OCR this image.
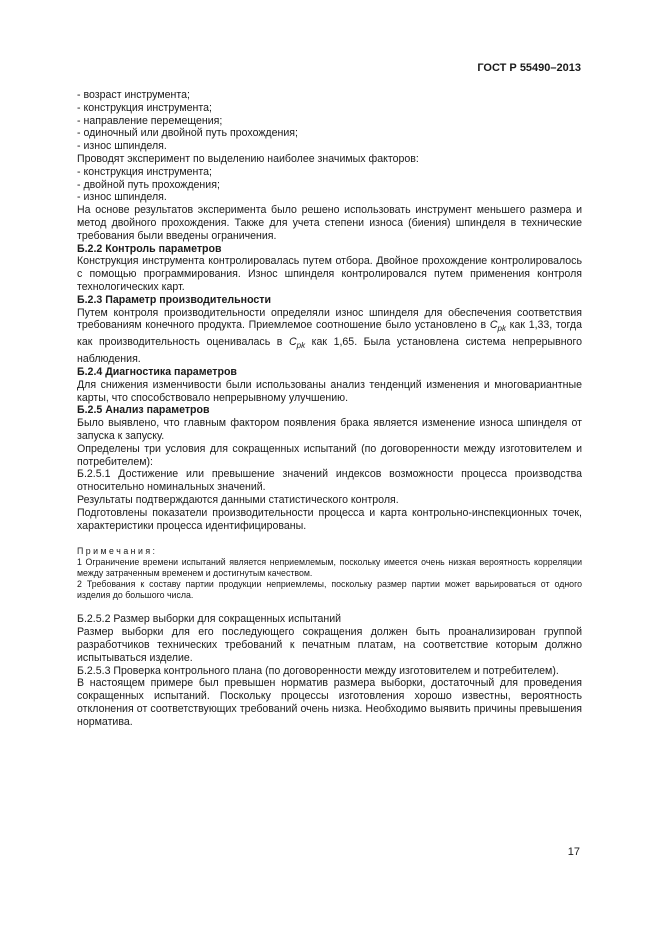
ГОСТ Р 55490–2013

- возраст инструмента;

- конструкция инструмента;

- направление перемещения;

- одиночный или двойной путь прохождения;

- износ шпинделя.

Проводят эксперимент по выделению наиболее значимых факторов:

- конструкция инструмента;

- двойной путь прохождения;

- износ шпинделя.

На основе результатов эксперимента было решено использовать инструмент меньшего размера и метод двойного прохождения. Также для учета степени износа (биения) шпинделя в технические требования были введены ограничения.

Б.2.2 Контроль параметров

Конструкция инструмента контролировалась путем отбора. Двойное прохождение контролировалось с помощью программирования. Износ шпинделя контролировался путем применения контроля технологических карт.

Б.2.3 Параметр производительности

Путем контроля производительности определяли износ шпинделя для обеспечения соответствия требованиям конечного продукта. Приемлемое соотношение было установлено в $C_{pk}$ как 1,33, тогда как производительность оценивалась в $C_{pk}$ как 1,65. Была установлена система непрерывного наблюдения.

Б.2.4 Диагностика параметров

Для снижения изменчивости были использованы анализ тенденций изменения и многовариантные карты, что способствовало непрерывному улучшению.

Б.2.5 Анализ параметров

Было выявлено, что главным фактором появления брака является изменение износа шпинделя от запуска к запуску.

Определены три условия для сокращенных испытаний (по договоренности между изготовителем и потребителем):

Б.2.5.1 Достижение или превышение значений индексов возможности процесса производства относительно номинальных значений.

Результаты подтверждаются данными статистического контроля.

Подготовлены показатели производительности процесса и карта контрольно-инспекционных точек, характеристики процесса идентифицированы.

П р и м е ч а н и я :

1 Ограничение времени испытаний является неприемлемым, поскольку имеется очень низкая вероятность корреляции между затраченным временем и достигнутым качеством.

2 Требования к составу партии продукции неприемлемы, поскольку размер партии может варьироваться от одного изделия до большого числа.

Б.2.5.2 Размер выборки для сокращенных испытаний

Размер выборки для его последующего сокращения должен быть проанализирован группой разработчиков технических требований к печатным платам, на соответствие которым должно испытываться изделие.

Б.2.5.3 Проверка контрольного плана (по договоренности между изготовителем и потребителем).

В настоящем примере был превышен норматив размера выборки, достаточный для проведения сокращенных испытаний. Поскольку процессы изготовления хорошо известны, вероятность отклонения от соответствующих требований очень низка. Необходимо выявить причины превышения норматива.

17
